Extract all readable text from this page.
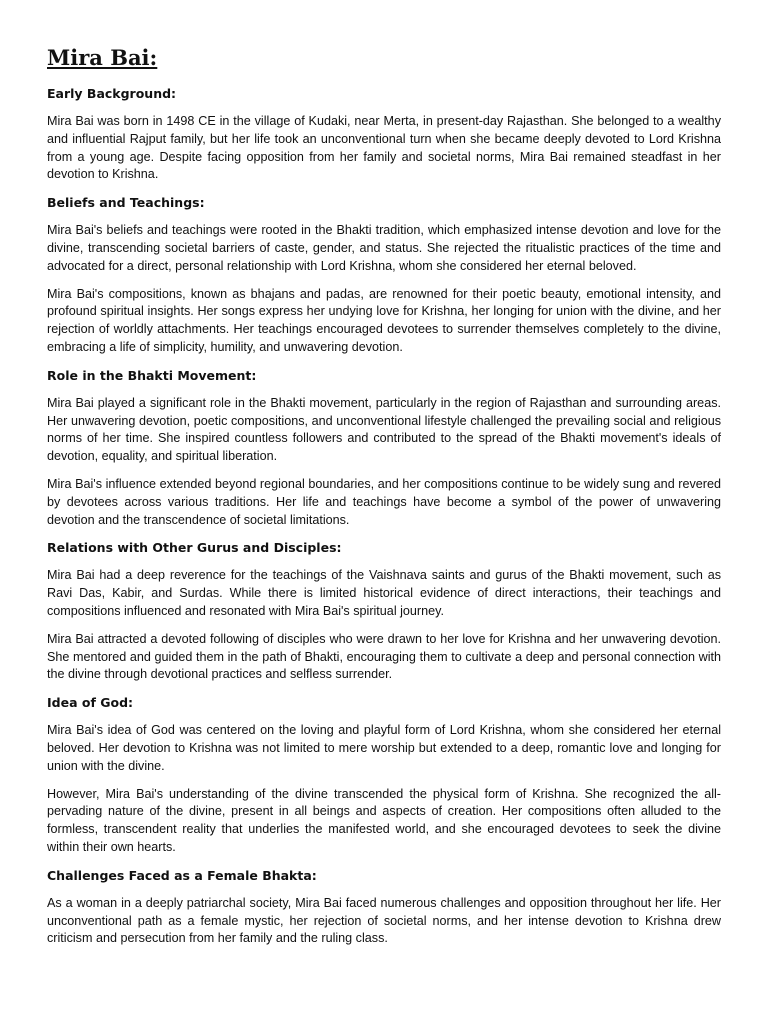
Mira Bai:
Early Background:

Mira Bai was born in 1498 CE in the village of Kudaki, near Merta, in present-day Rajasthan. She belonged to a wealthy and influential Rajput family, but her life took an unconventional turn when she became deeply devoted to Lord Krishna from a young age. Despite facing opposition from her family and societal norms, Mira Bai remained steadfast in her devotion to Krishna.

Beliefs and Teachings:

Mira Bai's beliefs and teachings were rooted in the Bhakti tradition, which emphasized intense devotion and love for the divine, transcending societal barriers of caste, gender, and status. She rejected the ritualistic practices of the time and advocated for a direct, personal relationship with Lord Krishna, whom she considered her eternal beloved.

Mira Bai's compositions, known as bhajans and padas, are renowned for their poetic beauty, emotional intensity, and profound spiritual insights. Her songs express her undying love for Krishna, her longing for union with the divine, and her rejection of worldly attachments. Her teachings encouraged devotees to surrender themselves completely to the divine, embracing a life of simplicity, humility, and unwavering devotion.

Role in the Bhakti Movement:

Mira Bai played a significant role in the Bhakti movement, particularly in the region of Rajasthan and surrounding areas. Her unwavering devotion, poetic compositions, and unconventional lifestyle challenged the prevailing social and religious norms of her time. She inspired countless followers and contributed to the spread of the Bhakti movement's ideals of devotion, equality, and spiritual liberation.

Mira Bai's influence extended beyond regional boundaries, and her compositions continue to be widely sung and revered by devotees across various traditions. Her life and teachings have become a symbol of the power of unwavering devotion and the transcendence of societal limitations.

Relations with Other Gurus and Disciples:

Mira Bai had a deep reverence for the teachings of the Vaishnava saints and gurus of the Bhakti movement, such as Ravi Das, Kabir, and Surdas. While there is limited historical evidence of direct interactions, their teachings and compositions influenced and resonated with Mira Bai's spiritual journey.

Mira Bai attracted a devoted following of disciples who were drawn to her love for Krishna and her unwavering devotion. She mentored and guided them in the path of Bhakti, encouraging them to cultivate a deep and personal connection with the divine through devotional practices and selfless surrender.

Idea of God:

Mira Bai's idea of God was centered on the loving and playful form of Lord Krishna, whom she considered her eternal beloved. Her devotion to Krishna was not limited to mere worship but extended to a deep, romantic love and longing for union with the divine.

However, Mira Bai's understanding of the divine transcended the physical form of Krishna. She recognized the all-pervading nature of the divine, present in all beings and aspects of creation. Her compositions often alluded to the formless, transcendent reality that underlies the manifested world, and she encouraged devotees to seek the divine within their own hearts.

Challenges Faced as a Female Bhakta:

As a woman in a deeply patriarchal society, Mira Bai faced numerous challenges and opposition throughout her life. Her unconventional path as a female mystic, her rejection of societal norms, and her intense devotion to Krishna drew criticism and persecution from her family and the ruling class.
